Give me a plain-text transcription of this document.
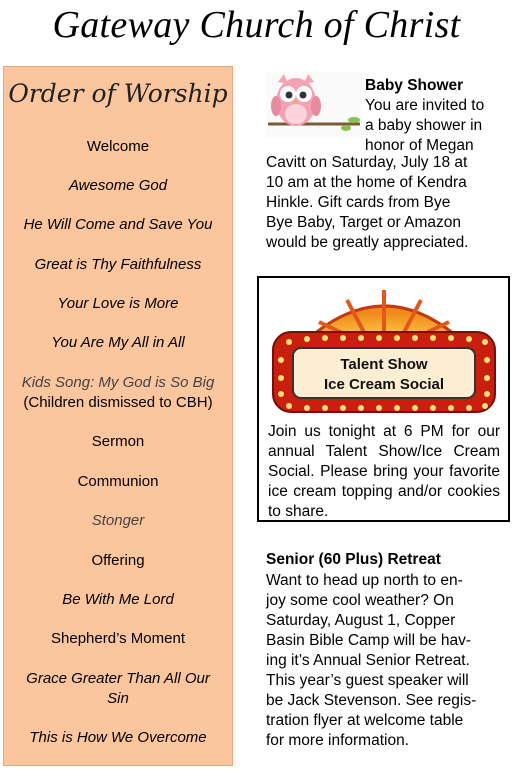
Gateway Church of Christ
Order of Worship
Welcome
Awesome God
He Will Come and Save You
Great is Thy Faithfulness
Your Love is More
You Are My All in All
Kids Song: My God is So Big
(Children dismissed to CBH)
Sermon
Communion
Stonger
Offering
Be With Me Lord
Shepherd’s Moment
Grace Greater Than All Our
Sin
This is How We Overcome
Baby Shower
You are invited to
a baby shower in
honor of Megan
Cavitt on Saturday, July 18 at
10 am at the home of Kendra
Hinkle. Gift cards from Bye
Bye Baby, Target or Amazon
would be greatly appreciated.
Talent Show
Ice Cream Social
Join us tonight at 6 PM for our annual Talent Show/Ice Cream Social. Please bring your favorite ice cream topping and/or cookies to share.
Senior (60 Plus) Retreat
Want to head up north to en-
joy some cool weather? On
Saturday, August 1, Copper
Basin Bible Camp will be hav-
ing it’s Annual Senior Retreat.
This year’s guest speaker will
be Jack Stevenson. See regis-
tration flyer at welcome table
for more information.
